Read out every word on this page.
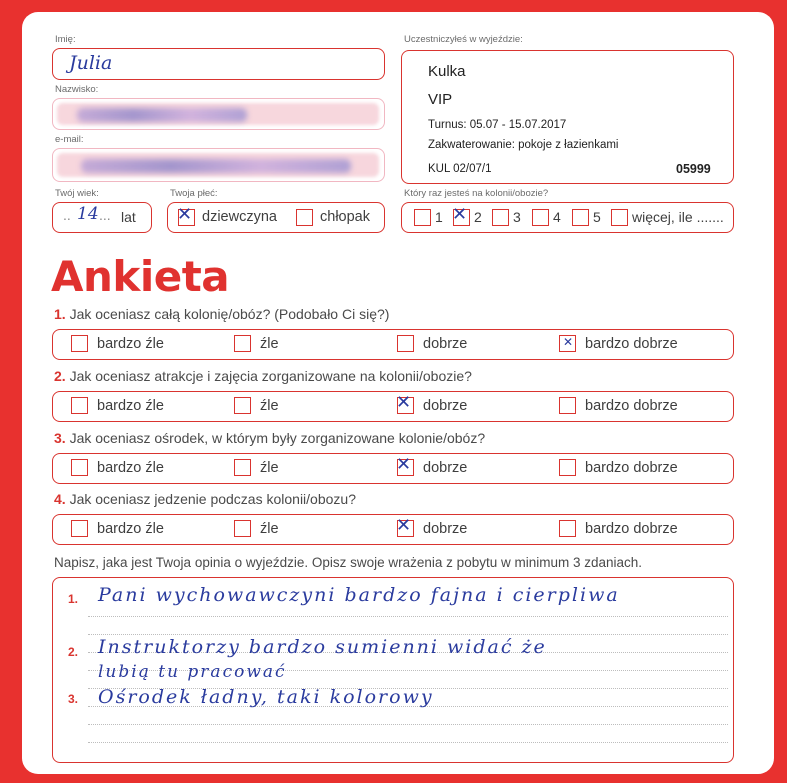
Imię:
Julia
Nazwisko:
e-mail:
Twój wiek:
.. 14 ... lat
Twoja płeć:
✕ dziewczyna	chłopak
Uczestniczyłeś w wyjeździe:
Kulka
VIP
Turnus: 05.07 - 15.07.2017
Zakwaterowanie: pokoje z łazienkami
KUL 02/07/1	05999
Który raz jesteś na kolonii/obozie?
1 ✕ 2 3 4 5 więcej, ile .......
Ankieta
1. Jak oceniasz całą kolonię/obóz? (Podobało Ci się?)
bardzo źle	źle	dobrze	✕ bardzo dobrze
2. Jak oceniasz atrakcje i zajęcia zorganizowane na kolonii/obozie?
bardzo źle	źle	✕ dobrze	bardzo dobrze
3. Jak oceniasz ośrodek, w którym były zorganizowane kolonie/obóz?
bardzo źle	źle	✕ dobrze	bardzo dobrze
4. Jak oceniasz jedzenie podczas kolonii/obozu?
bardzo źle	źle	✕ dobrze	bardzo dobrze
Napisz, jaka jest Twoja opinia o wyjeździe. Opisz swoje wrażenia z pobytu w minimum 3 zdaniach.
1. Pani wychowawczyni bardzo fajna i cierpliwa
2. Instruktorzy bardzo sumienni widać że
lubią tu pracować
3. Ośrodek ładny, taki kolorowy
